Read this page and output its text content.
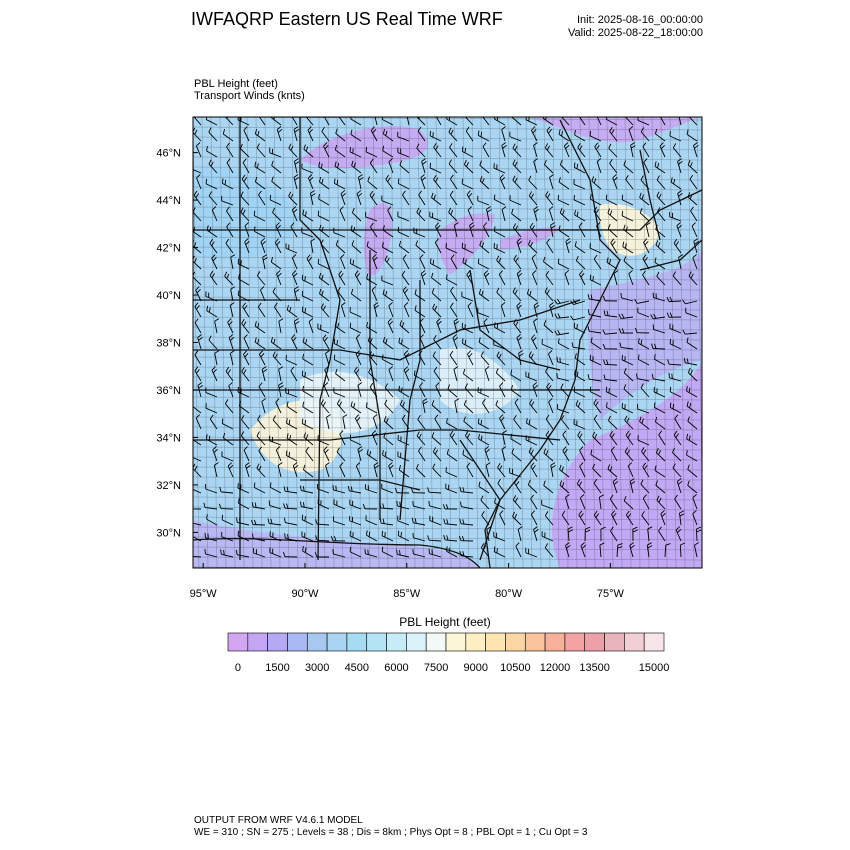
IWFAQRP Eastern US Real Time WRF	Init: 2025-08-16_00:00:00
Valid: 2025-08-22_18:00:00
PBL Height (feet)
Transport Winds (knts)
46°N
44°N
42°N
40°N
38°N
36°N
34°N
32°N
30°N
95°W	90°W	85°W	80°W	75°W
0 1500 3000 4500 6000 7500 9000 10500 12000 13500	15000
PBL Height (feet)
OUTPUT FROM WRF V4.6.1 MODEL
WE = 310 ; SN = 275 ; Levels = 38 ; Dis = 8km ; Phys Opt = 8 ; PBL Opt = 1 ; Cu Opt = 3
